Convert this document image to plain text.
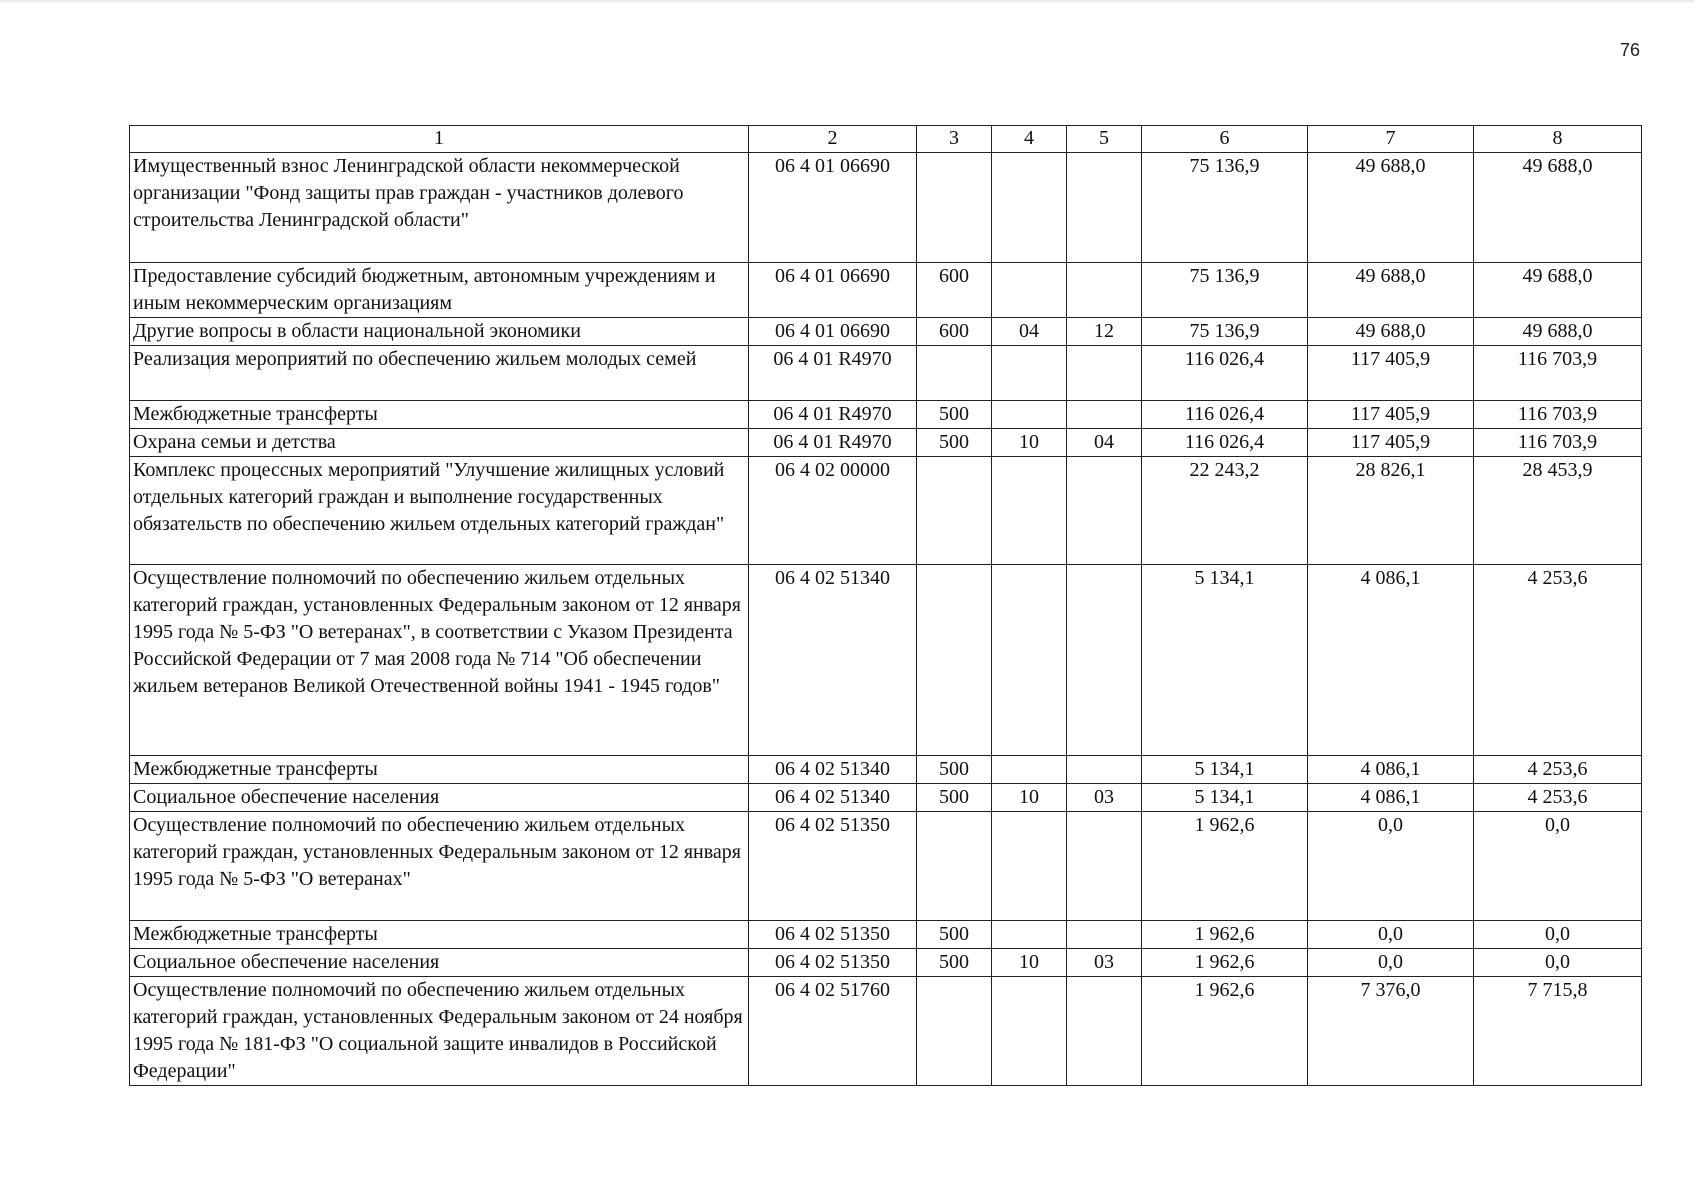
76
1	2	3	4	5	6	7	8
Имущественный взнос Ленинградской области некоммерческой организации "Фонд защиты прав граждан - участников долевого строительства Ленинградской области"	06 4 01 06690				75 136,9	49 688,0	49 688,0
Предоставление субсидий бюджетным, автономным учреждениям и иным некоммерческим организациям	06 4 01 06690	600			75 136,9	49 688,0	49 688,0
Другие вопросы в области национальной экономики	06 4 01 06690	600	04	12	75 136,9	49 688,0	49 688,0
Реализация мероприятий по обеспечению жильем молодых семей	06 4 01 R4970				116 026,4	117 405,9	116 703,9
Межбюджетные трансферты	06 4 01 R4970	500			116 026,4	117 405,9	116 703,9
Охрана семьи и детства	06 4 01 R4970	500	10	04	116 026,4	117 405,9	116 703,9
Комплекс процессных мероприятий "Улучшение жилищных условий отдельных категорий граждан и выполнение государственных обязательств по обеспечению жильем отдельных категорий граждан"	06 4 02 00000				22 243,2	28 826,1	28 453,9
Осуществление полномочий по обеспечению жильем отдельных категорий граждан, установленных Федеральным законом от 12 января 1995 года № 5-ФЗ "О ветеранах", в соответствии с Указом Президента Российской Федерации от 7 мая 2008 года № 714 "Об обеспечении жильем ветеранов Великой Отечественной войны 1941 - 1945 годов"	06 4 02 51340				5 134,1	4 086,1	4 253,6
Межбюджетные трансферты	06 4 02 51340	500			5 134,1	4 086,1	4 253,6
Социальное обеспечение населения	06 4 02 51340	500	10	03	5 134,1	4 086,1	4 253,6
Осуществление полномочий по обеспечению жильем отдельных категорий граждан, установленных Федеральным законом от 12 января 1995 года № 5-ФЗ "О ветеранах"	06 4 02 51350				1 962,6	0,0	0,0
Межбюджетные трансферты	06 4 02 51350	500			1 962,6	0,0	0,0
Социальное обеспечение населения	06 4 02 51350	500	10	03	1 962,6	0,0	0,0
Осуществление полномочий по обеспечению жильем отдельных категорий граждан, установленных Федеральным законом от 24 ноября 1995 года № 181-ФЗ "О социальной защите инвалидов в Российской Федерации"	06 4 02 51760				1 962,6	7 376,0	7 715,8
